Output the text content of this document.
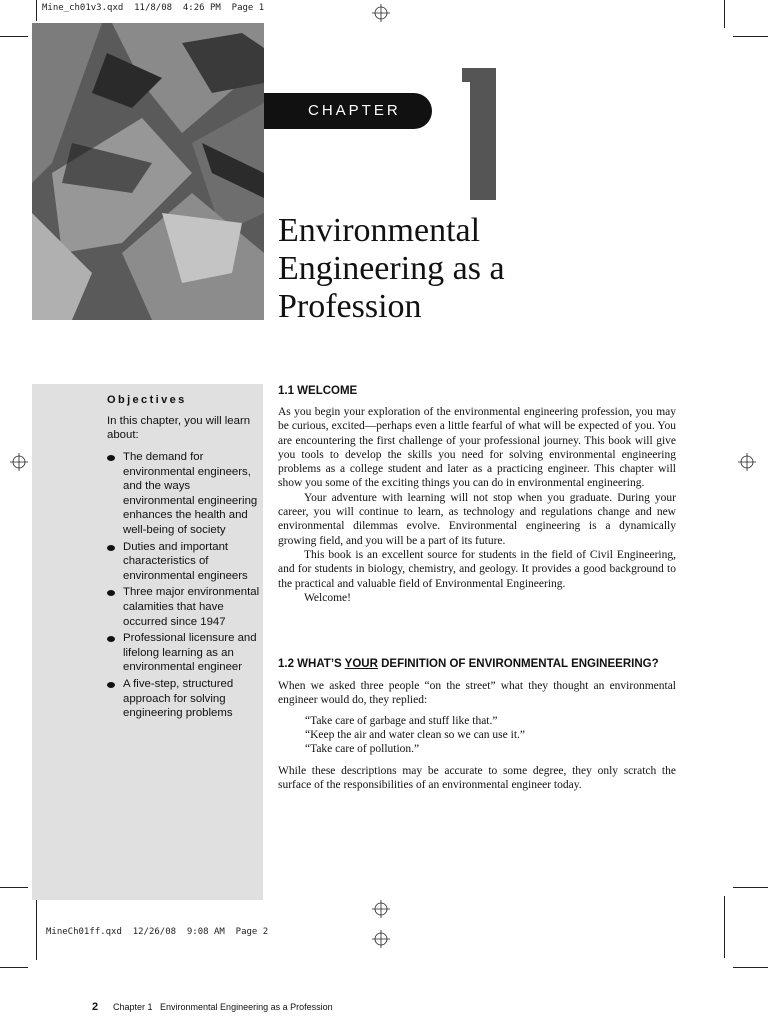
Mine_ch01v3.qxd  11/8/08  4:26 PM  Page 1
MineCh01ff.qxd  12/26/08  9:08 AM  Page 2
CHAPTER
Environmental
Engineering as a
Profession
Objectives
In this chapter, you will learn about:
The demand for environmental engineers, and the ways environmental engineering enhances the health and well-being of society
Duties and important characteristics of environmental engineers
Three major environmental calamities that have occurred since 1947
Professional licensure and lifelong learning as an environmental engineer
A five-step, structured approach for solving engineering problems
1.1 WELCOME

As you begin your exploration of the environmental engineering profession, you may be curious, excited—perhaps even a little fearful of what will be expected of you. You are encountering the first challenge of your professional journey. This book will give you tools to develop the skills you need for solving environmental engineering problems as a college student and later as a practicing engineer. This chapter will show you some of the exciting things you can do in environmental engineering.

Your adventure with learning will not stop when you graduate. During your career, you will continue to learn, as technology and regulations change and new environmental dilemmas evolve. Environmental engineering is a dynamically growing field, and you will be a part of its future.

This book is an excellent source for students in the field of Civil Engineering, and for students in biology, chemistry, and geology. It provides a good background to the practical and valuable field of Environmental Engineering.

Welcome!

1.2 WHAT’S YOUR DEFINITION OF ENVIRONMENTAL ENGINEERING?

When we asked three people “on the street” what they thought an environmental engineer would do, they replied:

“Take care of garbage and stuff like that.”
“Keep the air and water clean so we can use it.”
“Take care of pollution.”

While these descriptions may be accurate to some degree, they only scratch the surface of the responsibilities of an environmental engineer today.

2 Chapter 1   Environmental Engineering as a Profession
